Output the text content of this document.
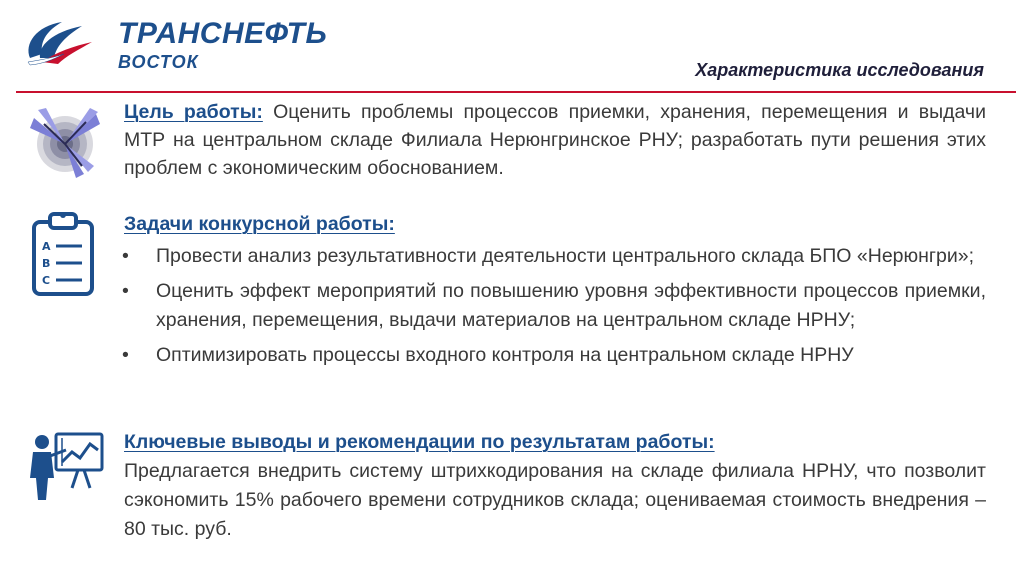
ТРАНСНЕФТЬ
ВОСТОК	Характеристика исследования
Цель работы: Оценить проблемы процессов приемки, хранения, перемещения и выдачи МТР на центральном складе Филиала Нерюнгринское РНУ; разработать пути решения этих проблем с экономическим обоснованием.
A
B
C
Задачи конкурсной работы:
• Провести анализ результативности деятельности центрального склада БПО «Нерюнгри»;
• Оценить эффект мероприятий по повышению уровня эффективности процессов приемки, хранения, перемещения, выдачи материалов на центральном складе НРНУ;
• Оптимизировать процессы входного контроля на центральном складе НРНУ
Ключевые выводы и рекомендации по результатам работы:
Предлагается внедрить систему штрихкодирования на складе филиала НРНУ, что позволит сэкономить 15% рабочего времени сотрудников склада; оцениваемая стоимость внедрения – 80 тыс. руб.
